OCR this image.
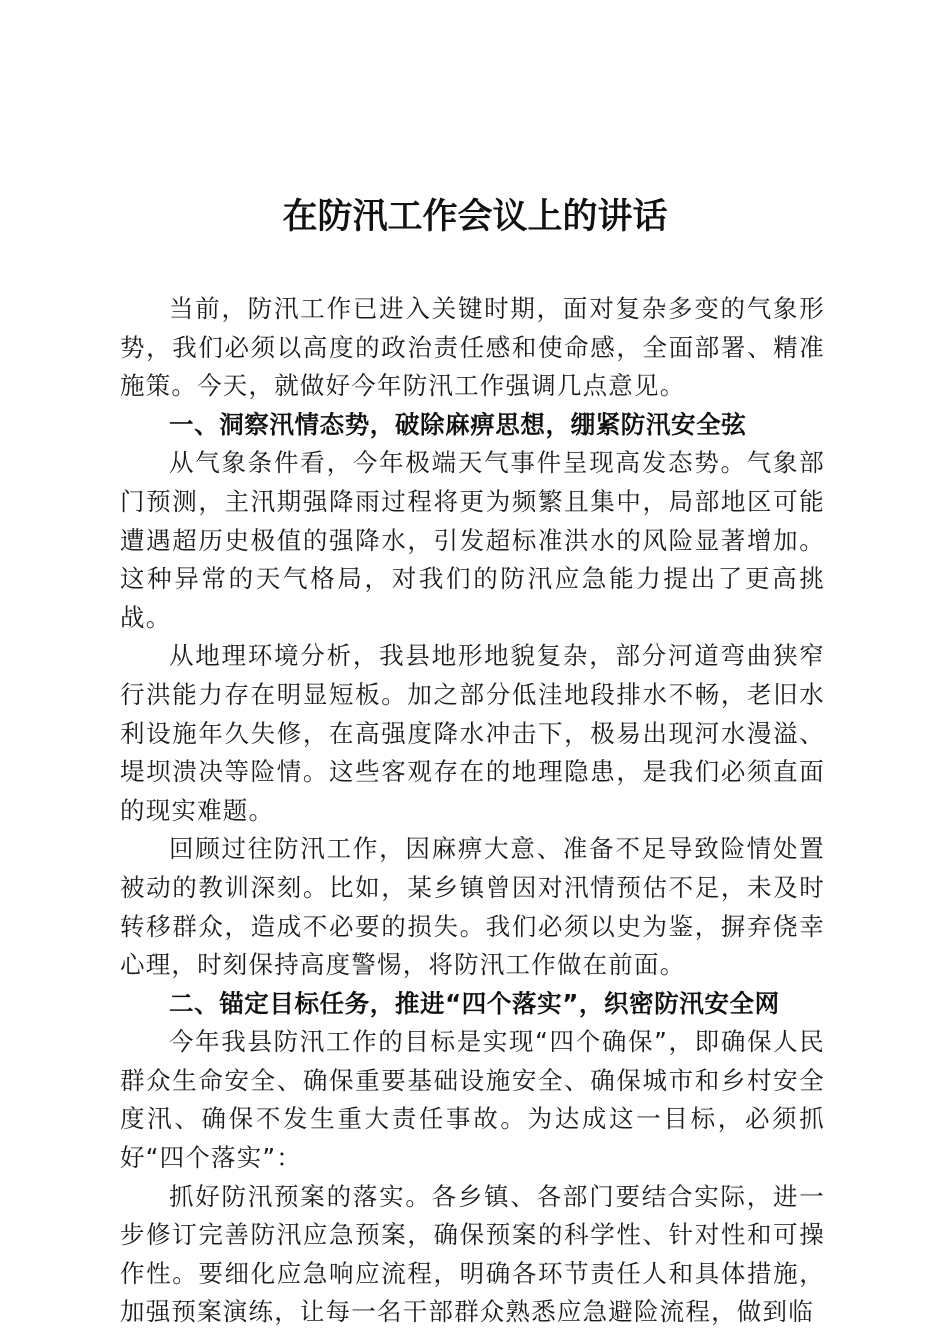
在防汛工作会议上的讲话

当前，防汛工作已进入关键时期，面对复杂多变的气象形势，我们必须以高度的政治责任感和使命感，全面部署、精准施策。今天，就做好今年防汛工作强调几点意见。

一、洞察汛情态势，破除麻痹思想，绷紧防汛安全弦

从气象条件看，今年极端天气事件呈现高发态势。气象部门预测，主汛期强降雨过程将更为频繁且集中，局部地区可能遭遇超历史极值的强降水，引发超标准洪水的风险显著增加。这种异常的天气格局，对我们的防汛应急能力提出了更高挑战。

从地理环境分析，我县地形地貌复杂，部分河道弯曲狭窄行洪能力存在明显短板。加之部分低洼地段排水不畅，老旧水利设施年久失修，在高强度降水冲击下，极易出现河水漫溢、堤坝溃决等险情。这些客观存在的地理隐患，是我们必须直面的现实难题。

回顾过往防汛工作，因麻痹大意、准备不足导致险情处置被动的教训深刻。比如，某乡镇曾因对汛情预估不足，未及时转移群众，造成不必要的损失。我们必须以史为鉴，摒弃侥幸心理，时刻保持高度警惕，将防汛工作做在前面。

二、锚定目标任务，推进“四个落实”，织密防汛安全网

今年我县防汛工作的目标是实现“四个确保”，即确保人民群众生命安全、确保重要基础设施安全、确保城市和乡村安全度汛、确保不发生重大责任事故。为达成这一目标，必须抓好“四个落实”：

抓好防汛预案的落实。各乡镇、各部门要结合实际，进一步修订完善防汛应急预案，确保预案的科学性、针对性和可操作性。要细化应急响应流程，明确各环节责任人和具体措施，加强预案演练，让每一名干部群众熟悉应急避险流程，做到临
